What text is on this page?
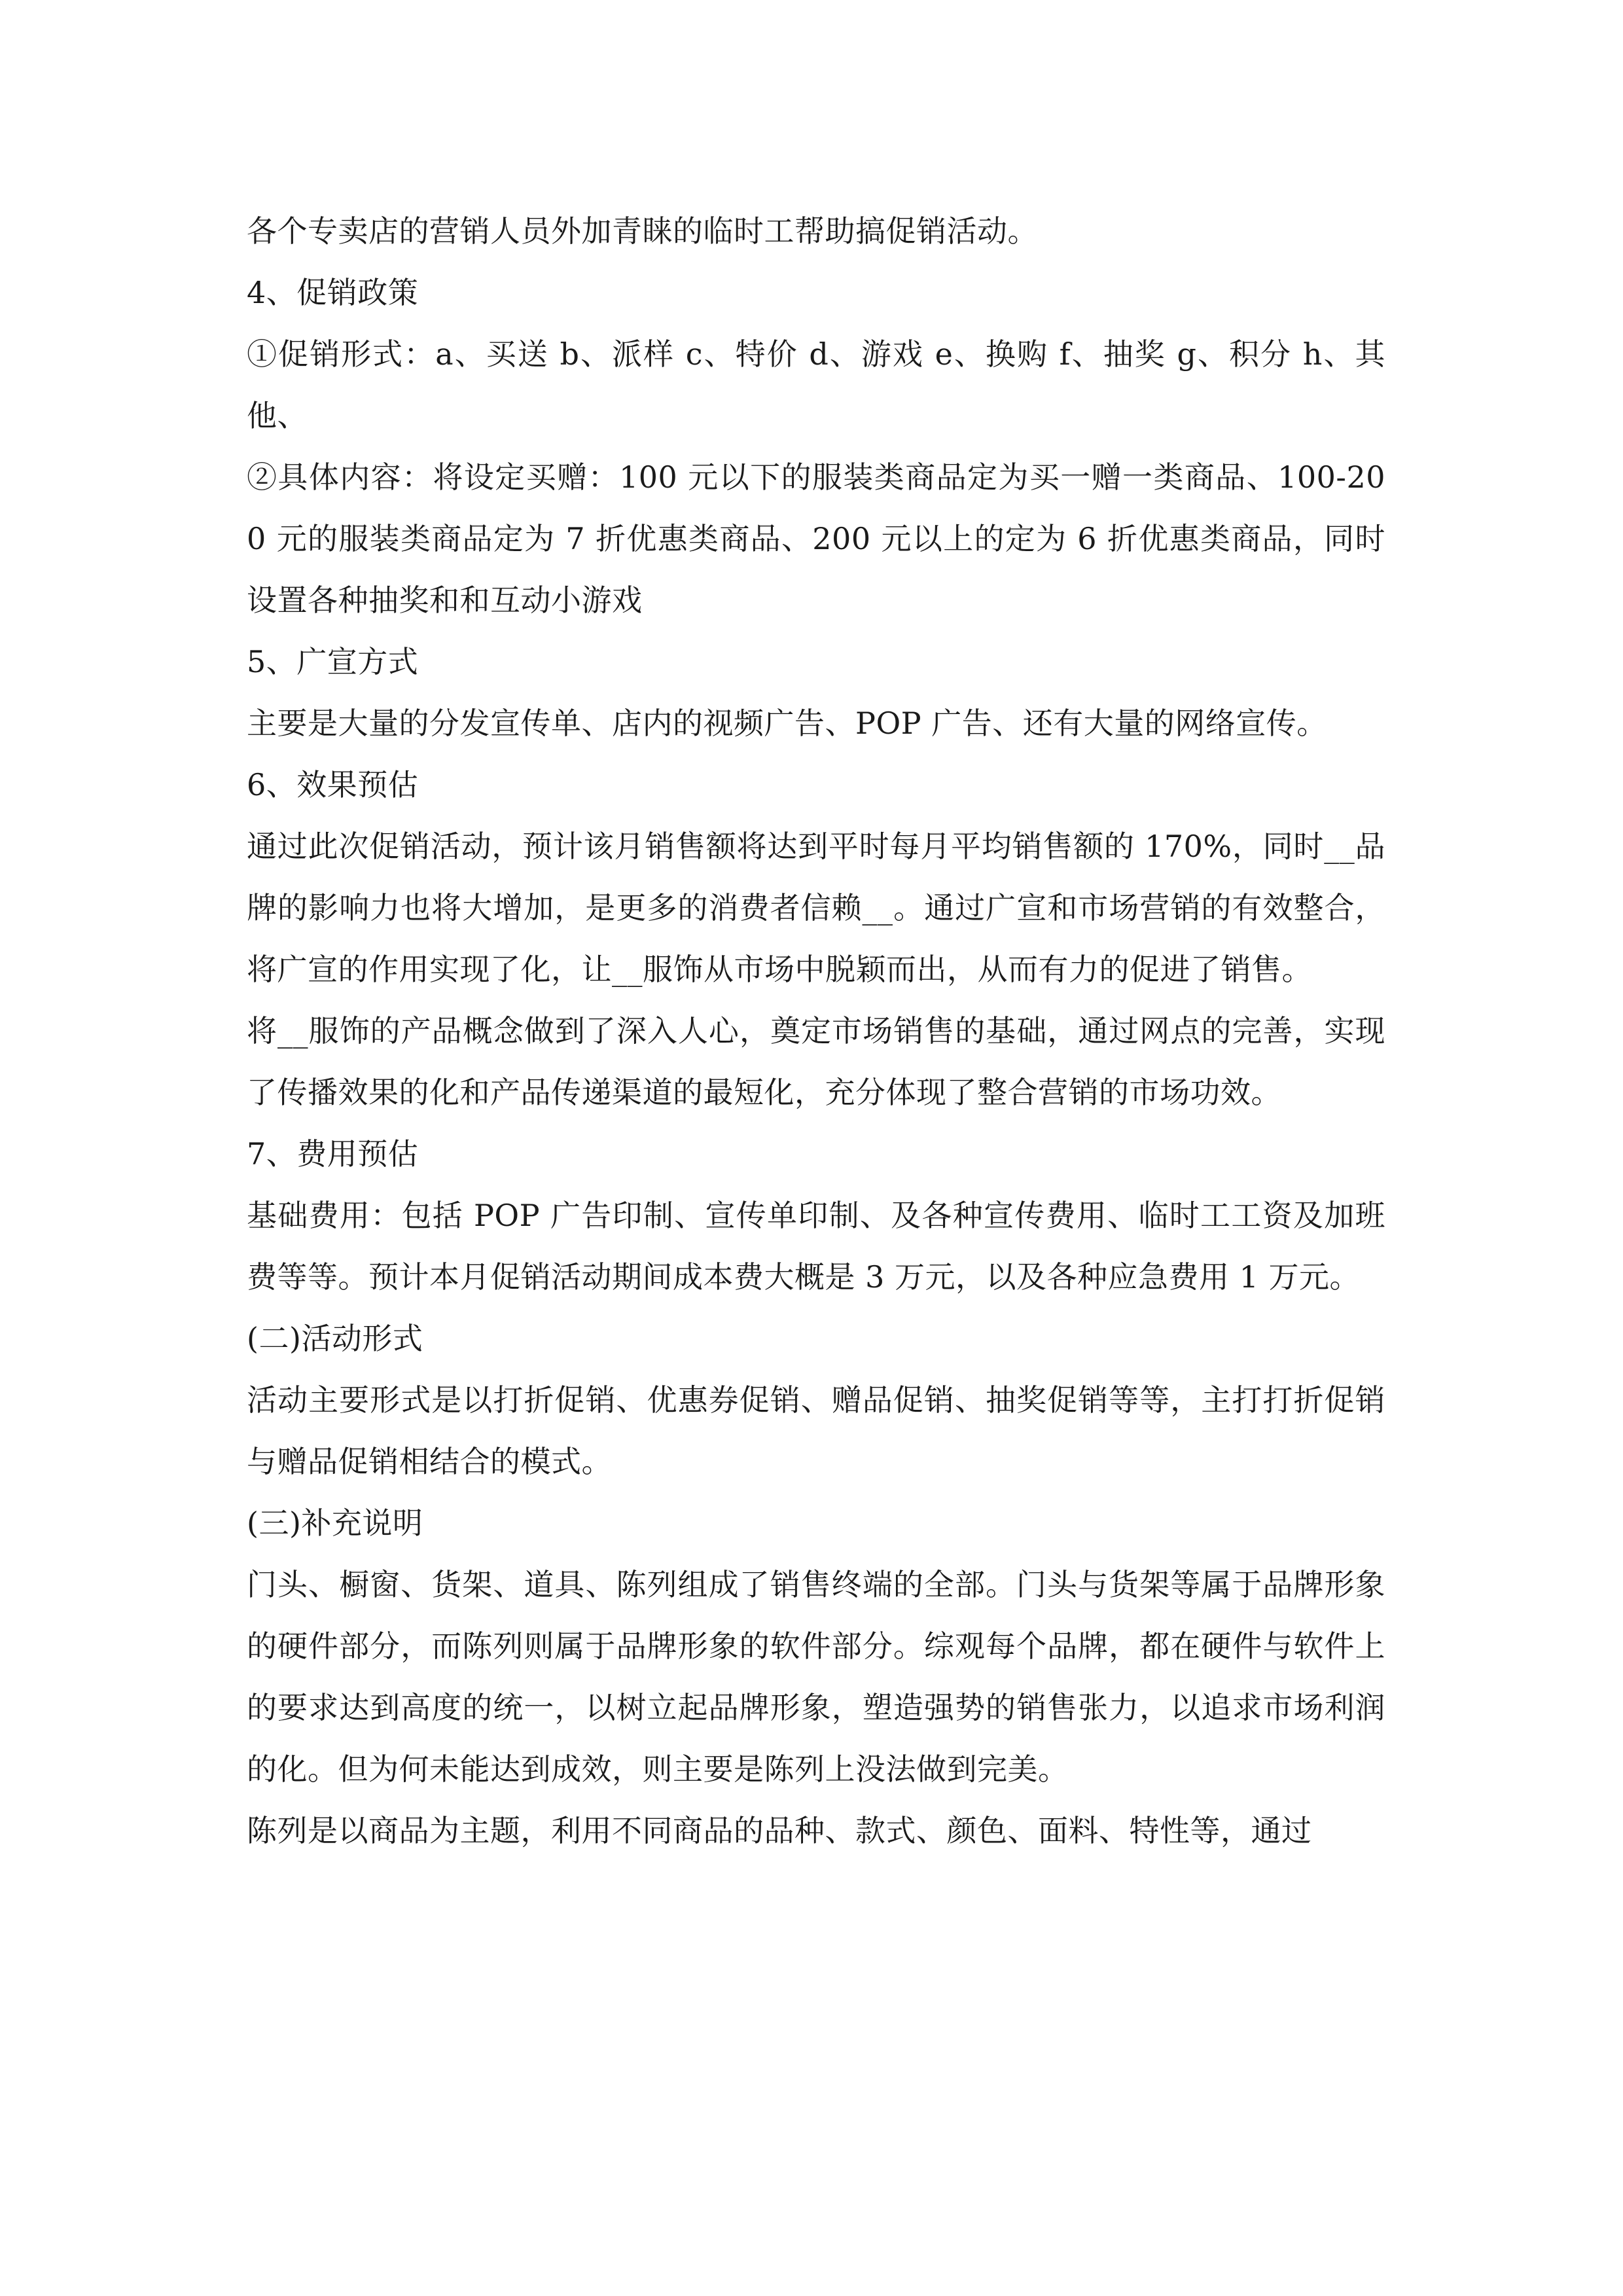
各个专卖店的营销人员外加青睐的临时工帮助搞促销活动。

4、促销政策

①促销形式：a、买送 b、派样 c、特价 d、游戏 e、换购 f、抽奖 g、积分 h、其他、

②具体内容：将设定买赠：100 元以下的服装类商品定为买一赠一类商品、100-200 元的服装类商品定为 7 折优惠类商品、200 元以上的定为 6 折优惠类商品，同时设置各种抽奖和和互动小游戏

5、广宣方式

主要是大量的分发宣传单、店内的视频广告、POP 广告、还有大量的网络宣传。

6、效果预估

通过此次促销活动，预计该月销售额将达到平时每月平均销售额的 170%，同时__品牌的影响力也将大增加，是更多的消费者信赖__。通过广宣和市场营销的有效整合，将广宣的作用实现了化，让__服饰从市场中脱颖而出，从而有力的促进了销售。

将__服饰的产品概念做到了深入人心，奠定市场销售的基础，通过网点的完善，实现了传播效果的化和产品传递渠道的最短化，充分体现了整合营销的市场功效。

7、费用预估

基础费用：包括 POP 广告印制、宣传单印制、及各种宣传费用、临时工工资及加班费等等。预计本月促销活动期间成本费大概是 3 万元，以及各种应急费用 1 万元。

(二)活动形式

活动主要形式是以打折促销、优惠券促销、赠品促销、抽奖促销等等，主打打折促销与赠品促销相结合的模式。

(三)补充说明

门头、橱窗、货架、道具、陈列组成了销售终端的全部。门头与货架等属于品牌形象的硬件部分，而陈列则属于品牌形象的软件部分。综观每个品牌，都在硬件与软件上的要求达到高度的统一，以树立起品牌形象，塑造强势的销售张力，以追求市场利润的化。但为何未能达到成效，则主要是陈列上没法做到完美。

陈列是以商品为主题，利用不同商品的品种、款式、颜色、面料、特性等，通过
